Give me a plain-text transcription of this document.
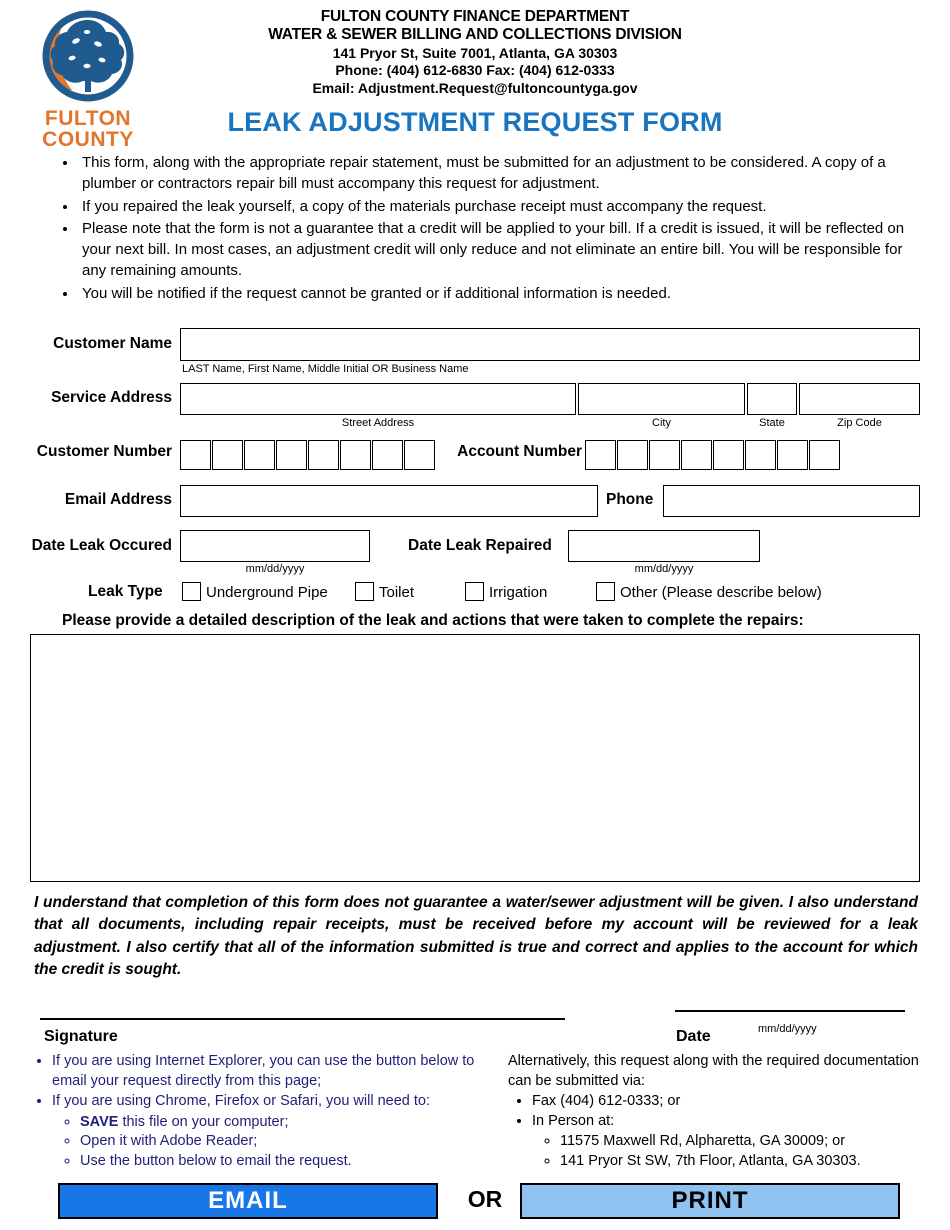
FULTON
COUNTY
FULTON COUNTY FINANCE DEPARTMENT
WATER & SEWER BILLING AND COLLECTIONS DIVISION
141 Pryor St, Suite 7001, Atlanta, GA 30303
Phone: (404) 612-6830 Fax: (404) 612-0333
Email: Adjustment.Request@fultoncountyga.gov
LEAK ADJUSTMENT REQUEST FORM
• This form, along with the appropriate repair statement, must be submitted for an adjustment to be considered. A copy of a plumber or contractors repair bill must accompany this request for adjustment.
• If you repaired the leak yourself, a copy of the materials purchase receipt must accompany the request.
• Please note that the form is not a guarantee that a credit will be applied to your bill. If a credit is issued, it will be reflected on your next bill. In most cases, an adjustment credit will only reduce and not eliminate an entire bill. You will be responsible for any remaining amounts.
• You will be notified if the request cannot be granted or if additional information is needed.
Customer Name
LAST Name, First Name, Middle Initial OR Business Name
Service Address
Street Address	City	State	Zip Code
Customer Number	Account Number
Email Address	Phone
Date Leak Occured
mm/dd/yyyy
Date Leak Repaired
mm/dd/yyyy
Leak Type	Underground Pipe	Toilet	Irrigation	Other (Please describe below)
Please provide a detailed description of the leak and actions that were taken to complete the repairs:
I understand that completion of this form does not guarantee a water/sewer adjustment will be given. I also understand that all documents, including repair receipts, must be received before my account will be reviewed for a leak adjustment. I also certify that all of the information submitted is true and correct and applies to the account for which the credit is sought.
Signature	Date	mm/dd/yyyy
• If you are using Internet Explorer, you can use the button below to email your request directly from this page;
• If you are using Chrome, Firefox or Safari, you will need to:
◦ SAVE this file on your computer;
◦ Open it with Adobe Reader;
◦ Use the button below to email the request.

Alternatively, this request along with the required documentation can be submitted via:

• Fax (404) 612-0333; or
• In Person at:
◦ 11575 Maxwell Rd, Alpharetta, GA 30009; or
◦ 141 Pryor St SW, 7th Floor, Atlanta, GA 30303.
EMAIL	OR	PRINT
